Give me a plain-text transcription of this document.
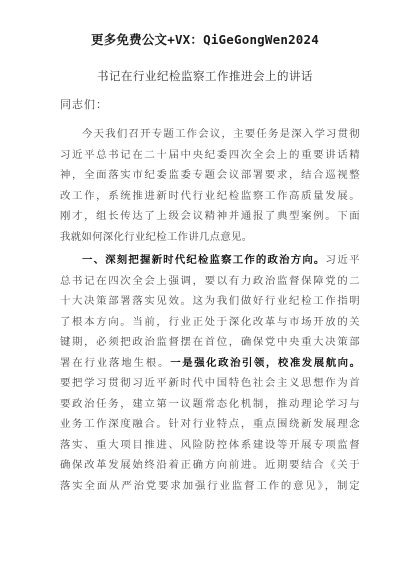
更多免费公文+VX：QiGeGongWen2024
书记在行业纪检监察工作推进会上的讲话
同志们：
今天我们召开专题工作会议，主要任务是深入学习贯彻
习近平总书记在二十届中央纪委四次全会上的重要讲话精
神，全面落实市纪委监委专题会议部署要求，结合巡视整
改工作，系统推进新时代行业纪检监察工作高质量发展。
刚才，组长传达了上级会议精神并通报了典型案例。下面
我就如何深化行业纪检工作讲几点意见。
一、深刻把握新时代纪检监察工作的政治方向。习近平
总书记在四次全会上强调，要以有力政治监督保障党的二
十大决策部署落实见效。这为我们做好行业纪检工作指明
了根本方向。当前，行业正处于深化改革与市场开放的关
键期，必须把政治监督摆在首位，确保党中央重大决策部
署在行业落地生根。一是强化政治引领，校准发展航向。
要把学习贯彻习近平新时代中国特色社会主义思想作为首
要政治任务，建立第一议题常态化机制，推动理论学习与
业务工作深度融合。针对行业特点，重点围绕新发展理念
落实、重大项目推进、风险防控体系建设等开展专项监督
确保改革发展始终沿着正确方向前进。近期要结合《关于
落实全面从严治党要求加强行业监督工作的意见》，制定
